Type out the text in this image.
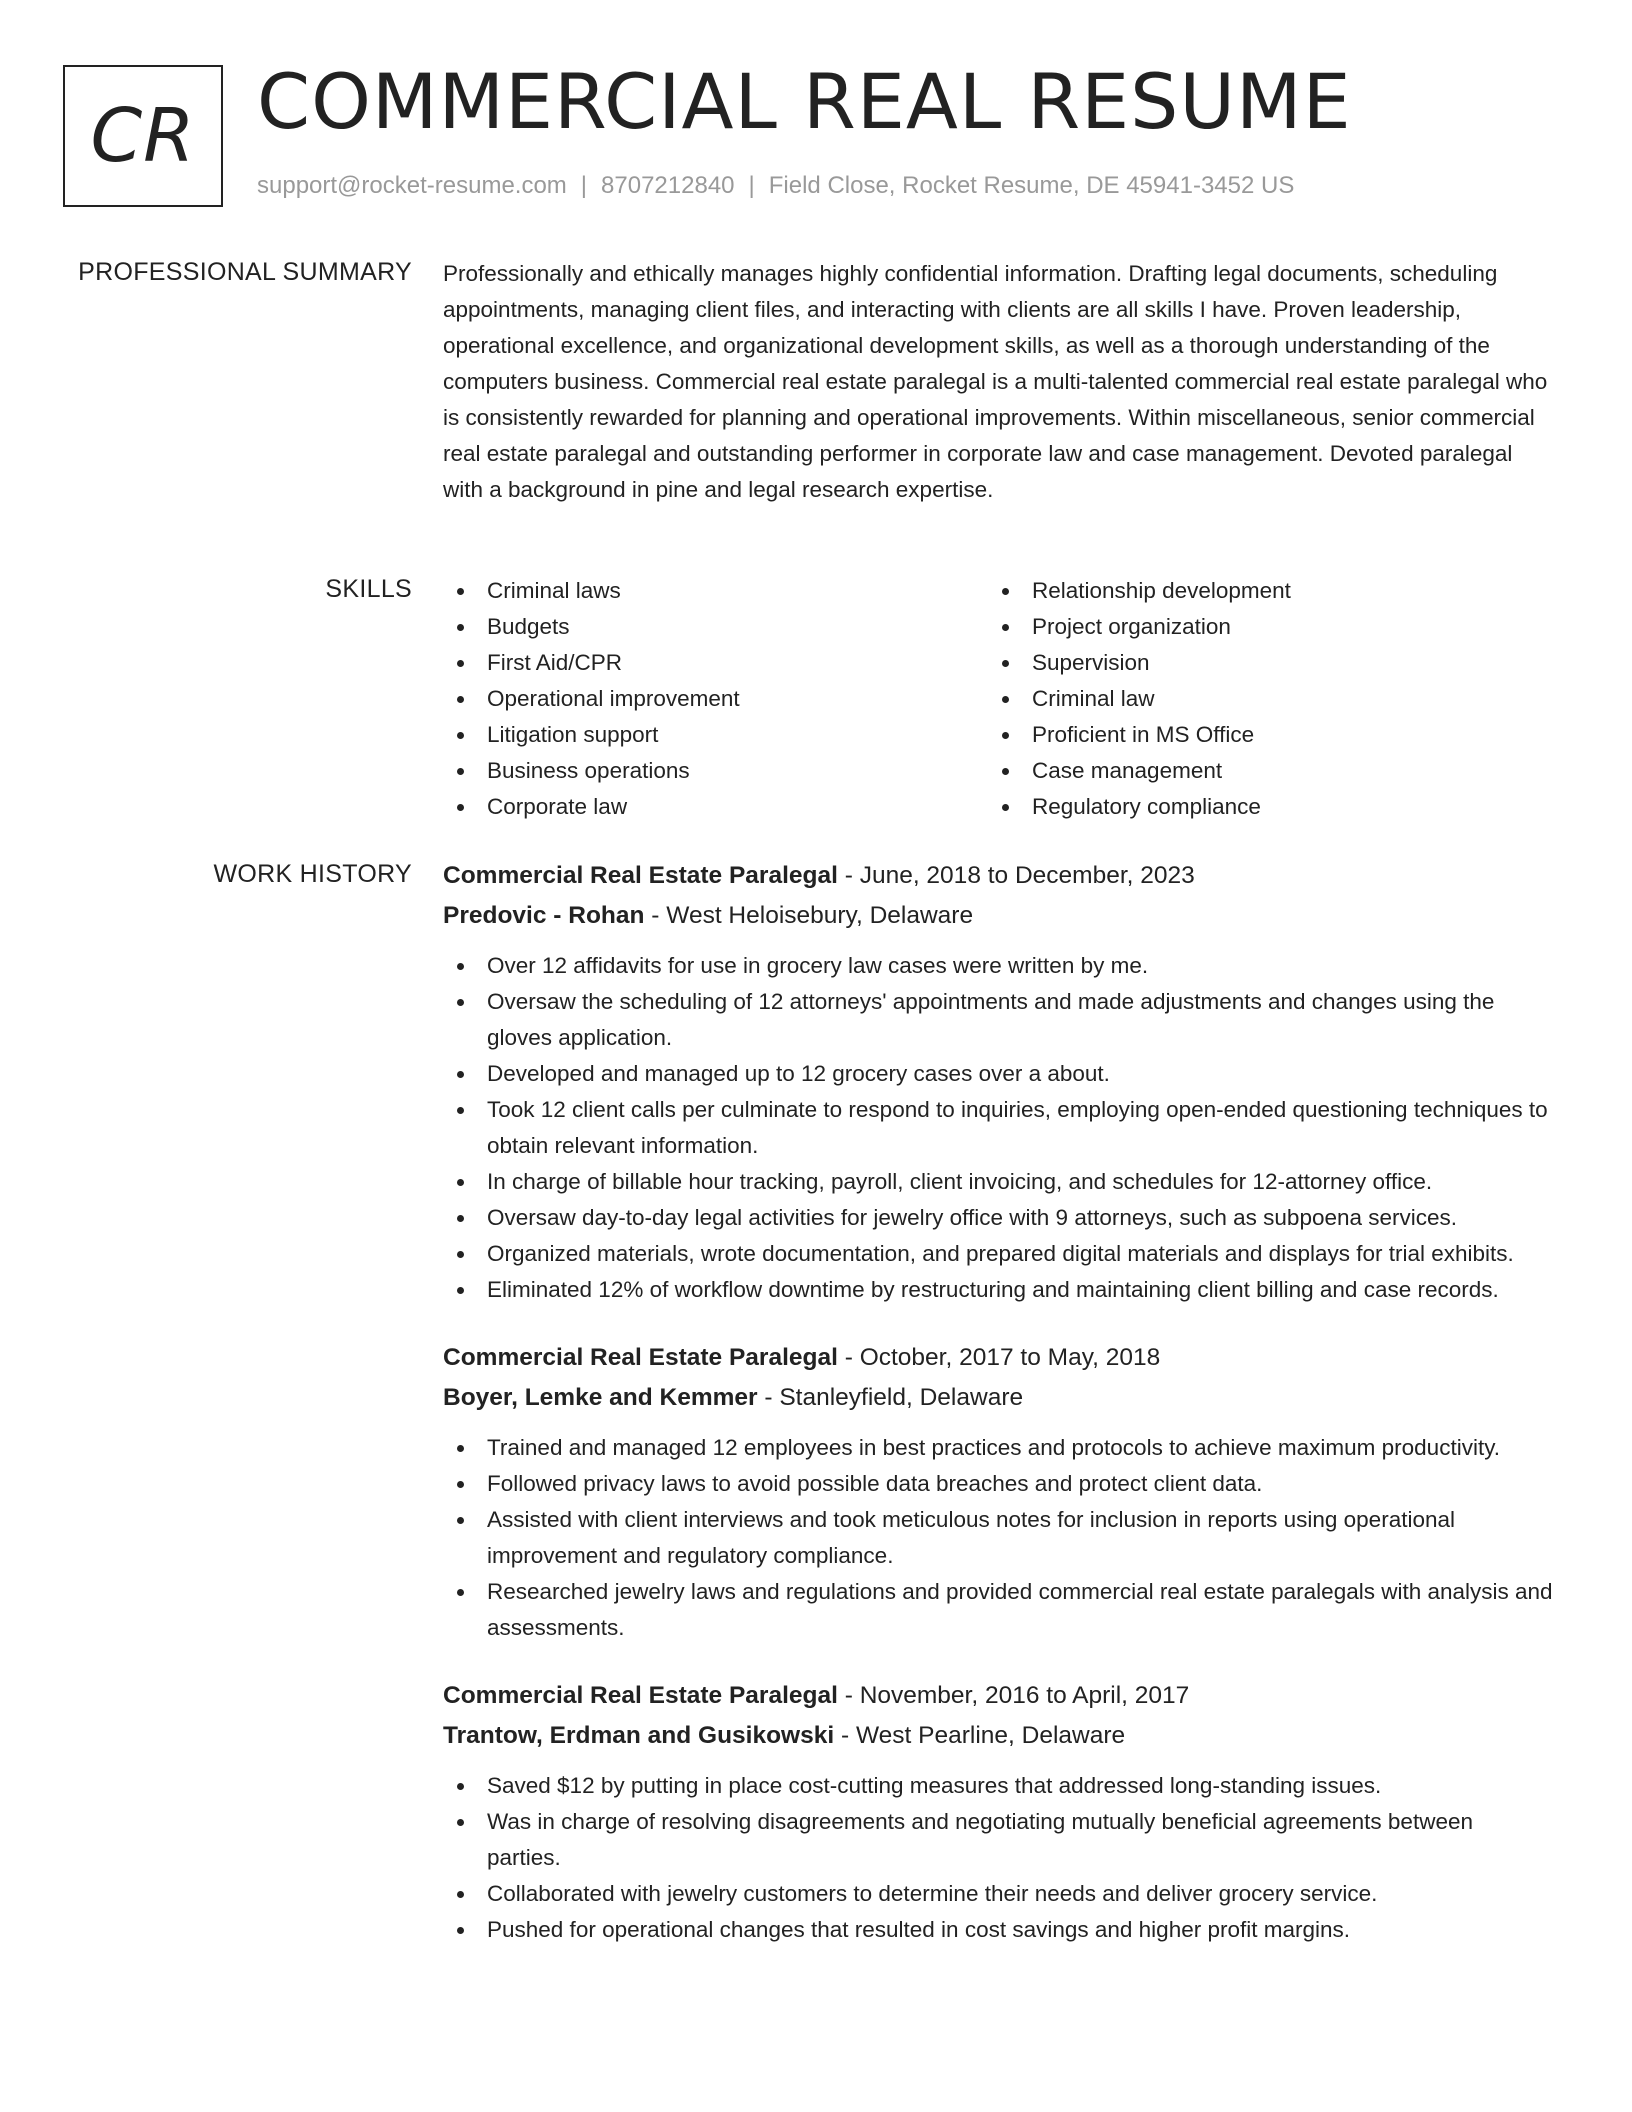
CR COMMERCIAL REAL RESUME
support@rocket-resume.com | 8707212840 | Field Close, Rocket Resume, DE 45941-3452 US
PROFESSIONAL SUMMARY Professionally and ethically manages highly confidential information. Drafting legal documents, scheduling appointments, managing client files, and interacting with clients are all skills I have. Proven leadership, operational excellence, and organizational development skills, as well as a thorough understanding of the computers business. Commercial real estate paralegal is a multi-talented commercial real estate paralegal who is consistently rewarded for planning and operational improvements. Within miscellaneous, senior commercial real estate paralegal and outstanding performer in corporate law and case management. Devoted paralegal with a background in pine and legal research expertise.

SKILLS	Criminal laws
Budgets
First Aid/CPR
Operational improvement
Litigation support
Business operations
Corporate law
Relationship development
Project organization
Supervision
Criminal law
Proficient in MS Office
Case management
Regulatory compliance
WORK HISTORY Commercial Real Estate Paralegal - June, 2018 to December, 2023
Predovic - Rohan - West Heloisebury, Delaware
Over 12 affidavits for use in grocery law cases were written by me.
Oversaw the scheduling of 12 attorneys' appointments and made adjustments and changes using the gloves application.
Developed and managed up to 12 grocery cases over a about.
Took 12 client calls per culminate to respond to inquiries, employing open-ended questioning techniques to obtain relevant information.
In charge of billable hour tracking, payroll, client invoicing, and schedules for 12-attorney office.
Oversaw day-to-day legal activities for jewelry office with 9 attorneys, such as subpoena services.
Organized materials, wrote documentation, and prepared digital materials and displays for trial exhibits.
Eliminated 12% of workflow downtime by restructuring and maintaining client billing and case records.
Commercial Real Estate Paralegal - October, 2017 to May, 2018
Boyer, Lemke and Kemmer - Stanleyfield, Delaware
Trained and managed 12 employees in best practices and protocols to achieve maximum productivity.
Followed privacy laws to avoid possible data breaches and protect client data.
Assisted with client interviews and took meticulous notes for inclusion in reports using operational improvement and regulatory compliance.
Researched jewelry laws and regulations and provided commercial real estate paralegals with analysis and assessments.
Commercial Real Estate Paralegal - November, 2016 to April, 2017
Trantow, Erdman and Gusikowski - West Pearline, Delaware
Saved $12 by putting in place cost-cutting measures that addressed long-standing issues.
Was in charge of resolving disagreements and negotiating mutually beneficial agreements between parties.
Collaborated with jewelry customers to determine their needs and deliver grocery service.
Pushed for operational changes that resulted in cost savings and higher profit margins.
